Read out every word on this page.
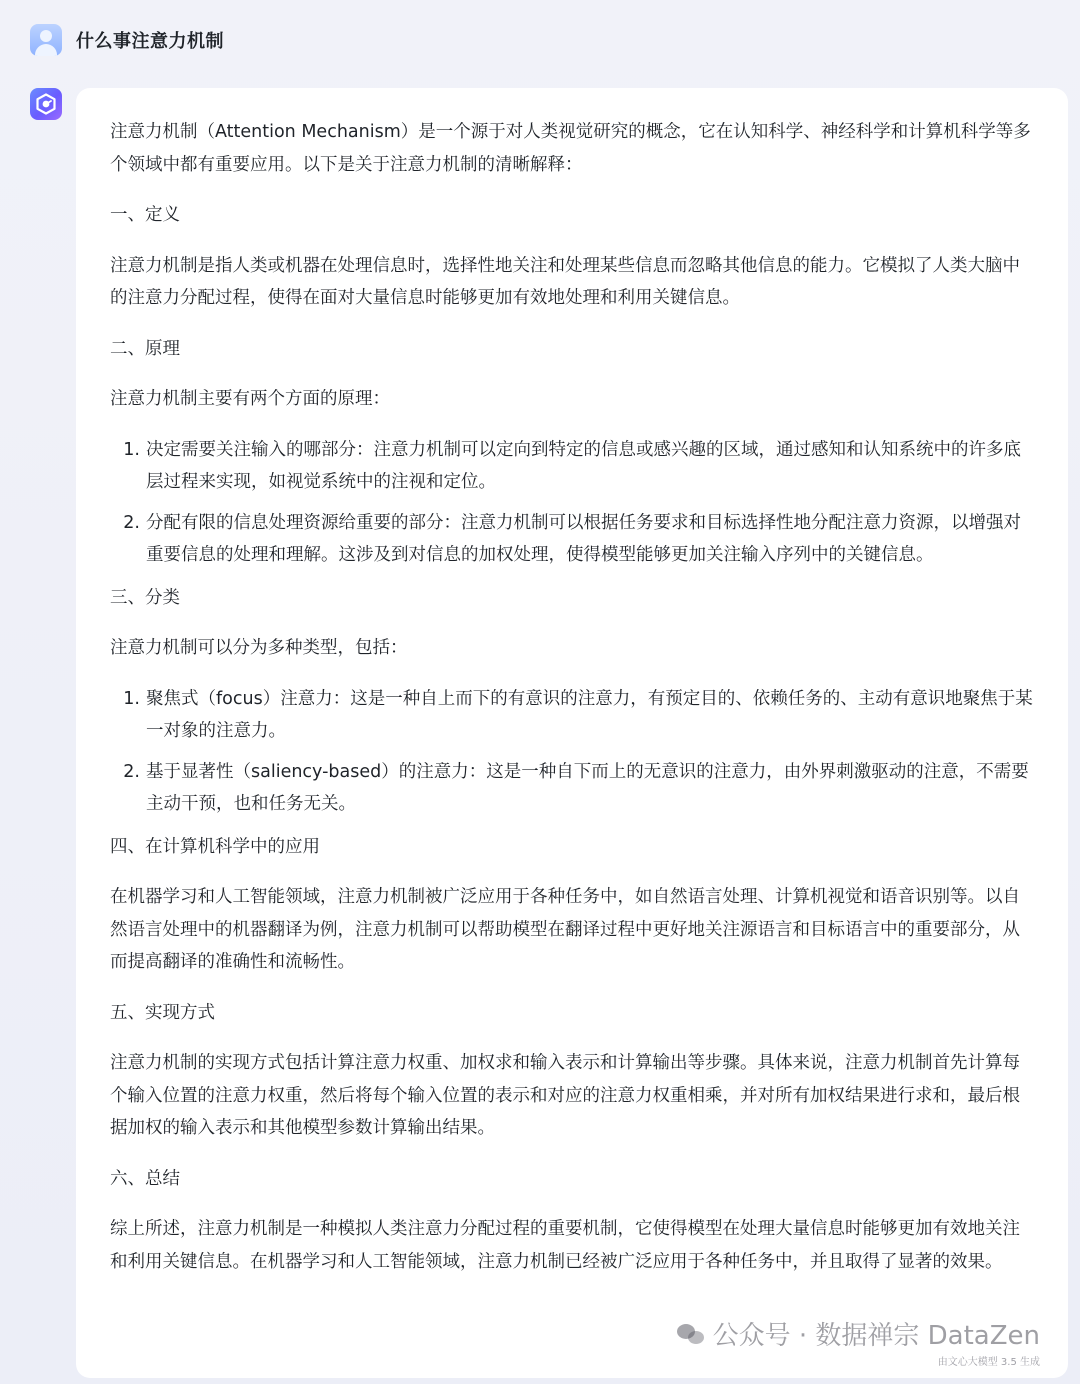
什么事注意力机制

注意力机制（Attention Mechanism）是一个源于对人类视觉研究的概念，它在认知科学、神经科学和计算机科学等多个领域中都有重要应用。以下是关于注意力机制的清晰解释：

一、定义

注意力机制是指人类或机器在处理信息时，选择性地关注和处理某些信息而忽略其他信息的能力。它模拟了人类大脑中的注意力分配过程，使得在面对大量信息时能够更加有效地处理和利用关键信息。

二、原理

注意力机制主要有两个方面的原理：

1. 决定需要关注输入的哪部分：注意力机制可以定向到特定的信息或感兴趣的区域，通过感知和认知系统中的许多底层过程来实现，如视觉系统中的注视和定位。
2. 分配有限的信息处理资源给重要的部分：注意力机制可以根据任务要求和目标选择性地分配注意力资源，以增强对重要信息的处理和理解。这涉及到对信息的加权处理，使得模型能够更加关注输入序列中的关键信息。

三、分类

注意力机制可以分为多种类型，包括：

1. 聚焦式（focus）注意力：这是一种自上而下的有意识的注意力，有预定目的、依赖任务的、主动有意识地聚焦于某一对象的注意力。
2. 基于显著性（saliency-based）的注意力：这是一种自下而上的无意识的注意力，由外界刺激驱动的注意，不需要主动干预，也和任务无关。

四、在计算机科学中的应用

在机器学习和人工智能领域，注意力机制被广泛应用于各种任务中，如自然语言处理、计算机视觉和语音识别等。以自然语言处理中的机器翻译为例，注意力机制可以帮助模型在翻译过程中更好地关注源语言和目标语言中的重要部分，从而提高翻译的准确性和流畅性。

五、实现方式

注意力机制的实现方式包括计算注意力权重、加权求和输入表示和计算输出等步骤。具体来说，注意力机制首先计算每个输入位置的注意力权重，然后将每个输入位置的表示和对应的注意力权重相乘，并对所有加权结果进行求和，最后根据加权的输入表示和其他模型参数计算输出结果。

六、总结

综上所述，注意力机制是一种模拟人类注意力分配过程的重要机制，它使得模型在处理大量信息时能够更加有效地关注和利用关键信息。在机器学习和人工智能领域，注意力机制已经被广泛应用于各种任务中，并且取得了显著的效果。

公众号 · 数据禅宗 DataZen
由文心大模型 3.5 生成
